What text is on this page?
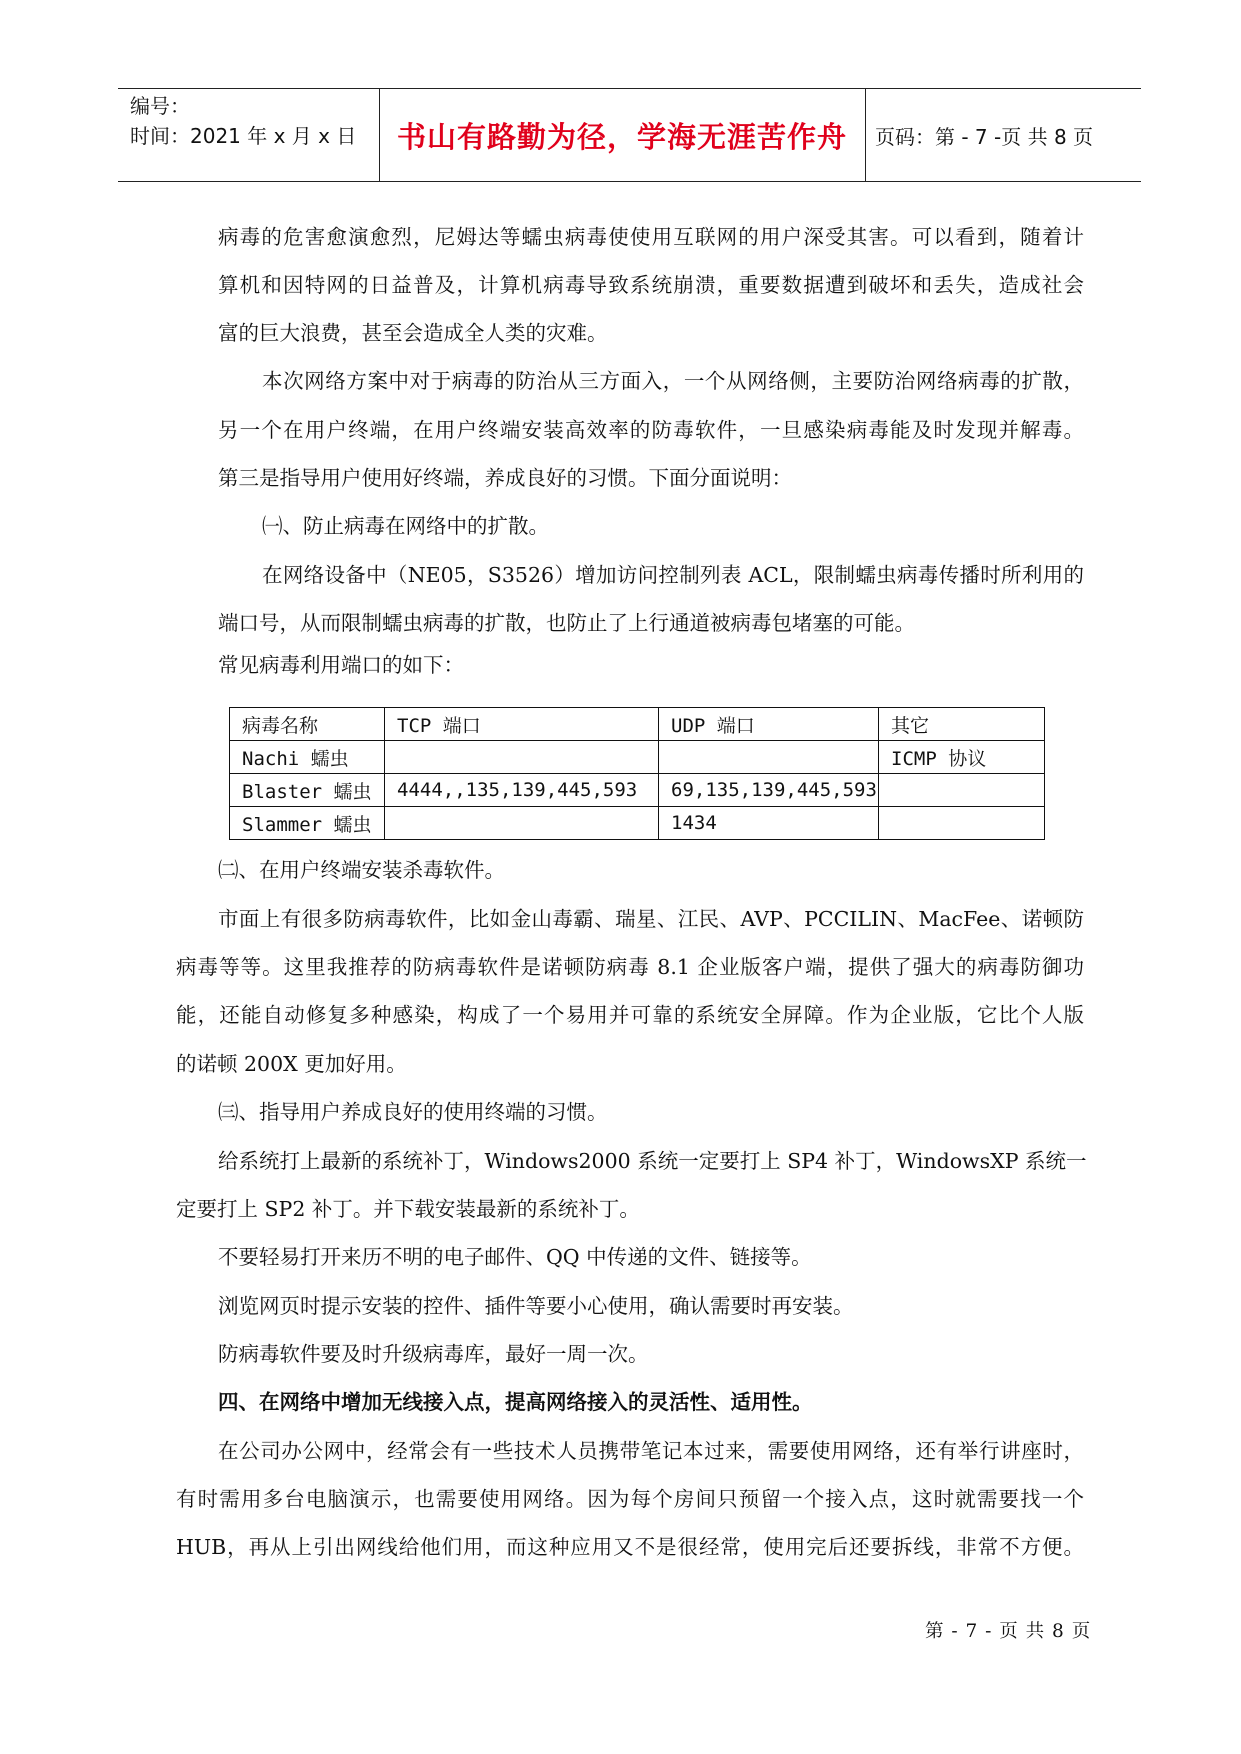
编号：
时间：2021 年 x 月 x 日	书山有路勤为径，学海无涯苦作舟	页码：第 - 7 -页 共 8 页
病毒的危害愈演愈烈，尼姆达等蠕虫病毒使使用互联网的用户深受其害。可以看到，随着计
算机和因特网的日益普及，计算机病毒导致系统崩溃，重要数据遭到破坏和丢失，造成社会
富的巨大浪费，甚至会造成全人类的灾难。
本次网络方案中对于病毒的防治从三方面入，一个从网络侧，主要防治网络病毒的扩散，
另一个在用户终端，在用户终端安装高效率的防毒软件，一旦感染病毒能及时发现并解毒。
第三是指导用户使用好终端，养成良好的习惯。下面分面说明：
㈠、防止病毒在网络中的扩散。
在网络设备中（NE05，S3526）增加访问控制列表 ACL，限制蠕虫病毒传播时所利用的
端口号，从而限制蠕虫病毒的扩散，也防止了上行通道被病毒包堵塞的可能。
常见病毒利用端口的如下：
病毒名称	TCP 端口	UDP 端口	其它
Nachi 蠕虫			ICMP 协议
Blaster 蠕虫	4444,,135,139,445,593	69,135,139,445,593	
Slammer 蠕虫		1434	
㈡、在用户终端安装杀毒软件。
市面上有很多防病毒软件，比如金山毒霸、瑞星、江民、AVP、PCCILIN、MacFee、诺顿防
病毒等等。这里我推荐的防病毒软件是诺顿防病毒 8.1 企业版客户端，提供了强大的病毒防御功
能，还能自动修复多种感染，构成了一个易用并可靠的系统安全屏障。作为企业版，它比个人版
的诺顿 200X 更加好用。
㈢、指导用户养成良好的使用终端的习惯。
给系统打上最新的系统补丁，Windows2000 系统一定要打上 SP4 补丁，WindowsXP 系统一
定要打上 SP2 补丁。并下载安装最新的系统补丁。
不要轻易打开来历不明的电子邮件、QQ 中传递的文件、链接等。
浏览网页时提示安装的控件、插件等要小心使用，确认需要时再安装。
防病毒软件要及时升级病毒库，最好一周一次。
四、在网络中增加无线接入点，提高网络接入的灵活性、适用性。
在公司办公网中，经常会有一些技术人员携带笔记本过来，需要使用网络，还有举行讲座时，
有时需用多台电脑演示，也需要使用网络。因为每个房间只预留一个接入点，这时就需要找一个
HUB，再从上引出网线给他们用，而这种应用又不是很经常，使用完后还要拆线，非常不方便。
第 - 7 - 页 共 8 页
